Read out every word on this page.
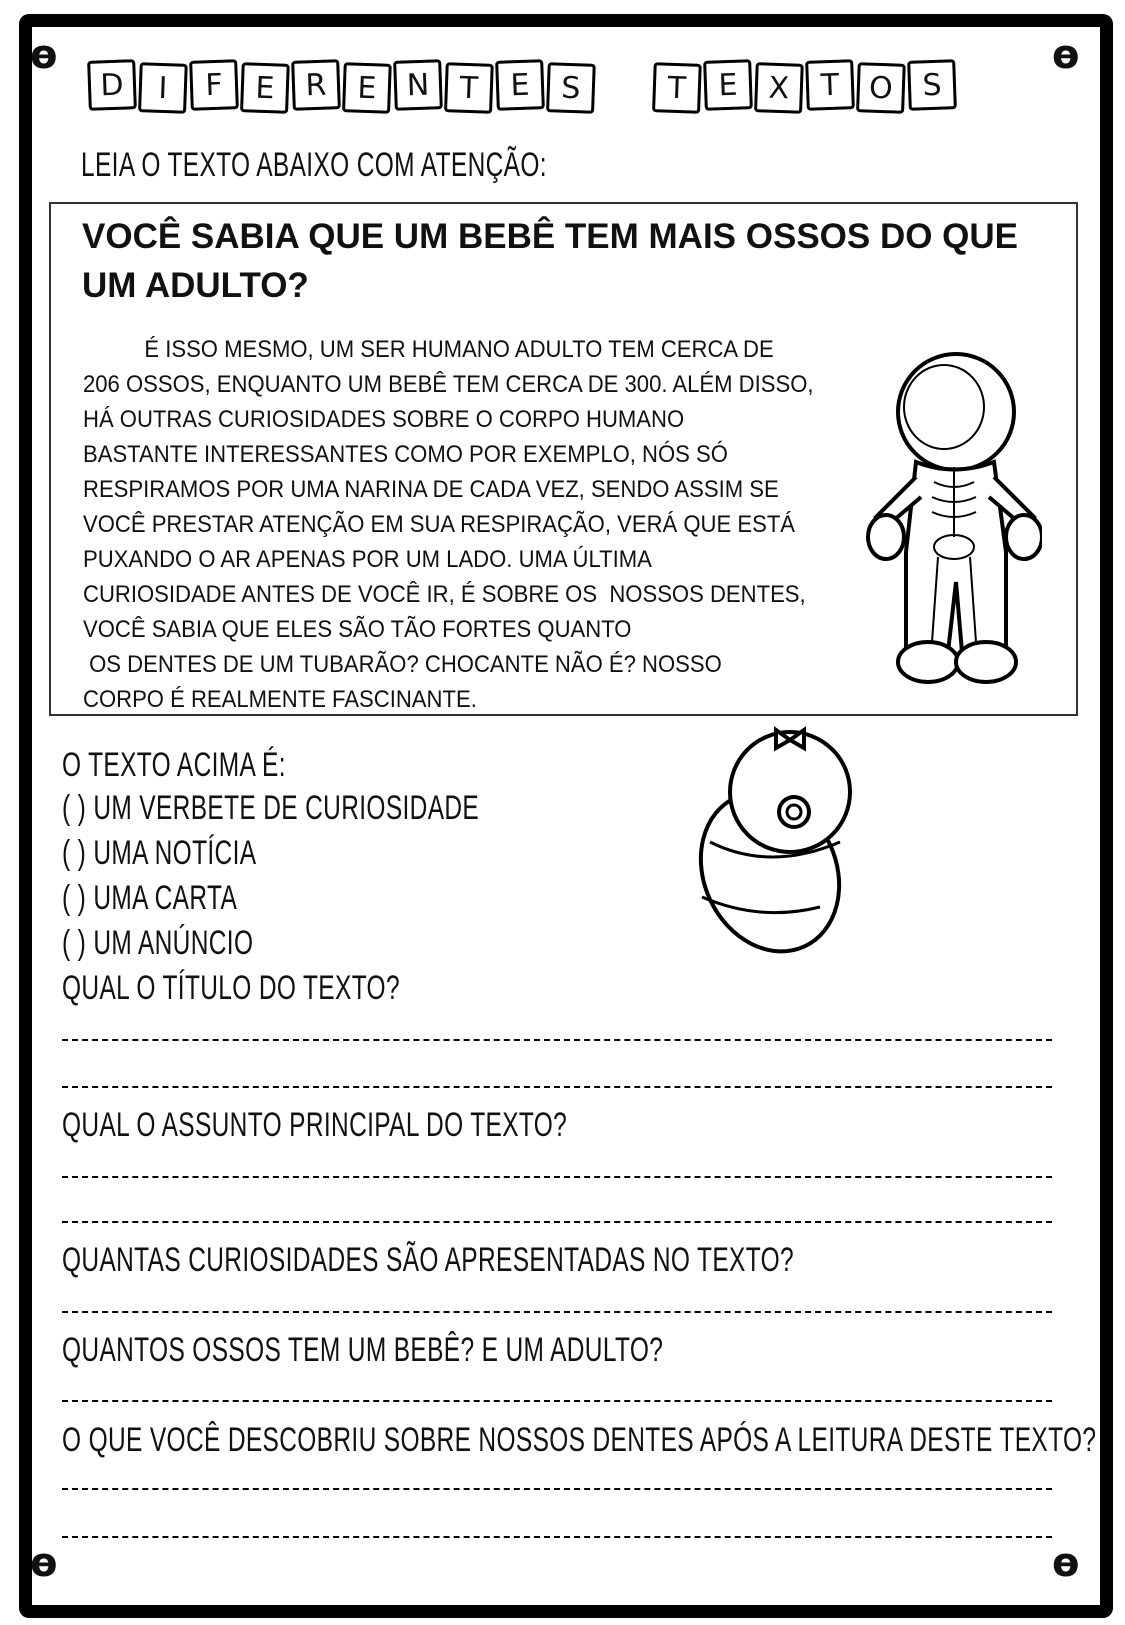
ɵ	ɵ
ɵ	ɵ
D	I	F	E R E N T	E	S	T	E X	T O S
LEIA O TEXTO ABAIXO COM ATENÇÃO:
VOCÊ SABIA QUE UM BEBÊ TEM MAIS OSSOS DO QUE UM ADULTO?
É ISSO MESMO, UM SER HUMANO ADULTO TEM CERCA DE
206 OSSOS, ENQUANTO UM BEBÊ TEM CERCA DE 300. ALÉM DISSO,
HÁ OUTRAS CURIOSIDADES SOBRE O CORPO HUMANO
BASTANTE INTERESSANTES COMO POR EXEMPLO, NÓS SÓ
RESPIRAMOS POR UMA NARINA DE CADA VEZ, SENDO ASSIM SE
VOCÊ PRESTAR ATENÇÃO EM SUA RESPIRAÇÃO, VERÁ QUE ESTÁ
PUXANDO O AR APENAS POR UM LADO. UMA ÚLTIMA
CURIOSIDADE ANTES DE VOCÊ IR, É SOBRE OS  NOSSOS DENTES,
VOCÊ SABIA QUE ELES SÃO TÃO FORTES QUANTO
OS DENTES DE UM TUBARÃO? CHOCANTE NÃO É? NOSSO
CORPO É REALMENTE FASCINANTE.
O TEXTO ACIMA É:
( ) UM VERBETE DE CURIOSIDADE
( ) UMA NOTÍCIA
( ) UMA CARTA
( ) UM ANÚNCIO
QUAL O TÍTULO DO TEXTO?
QUAL O ASSUNTO PRINCIPAL DO TEXTO?
QUANTAS CURIOSIDADES SÃO APRESENTADAS NO TEXTO?
QUANTOS OSSOS TEM UM BEBÊ? E UM ADULTO?
O QUE VOCÊ DESCOBRIU SOBRE NOSSOS DENTES APÓS A LEITURA DESTE TEXTO?
